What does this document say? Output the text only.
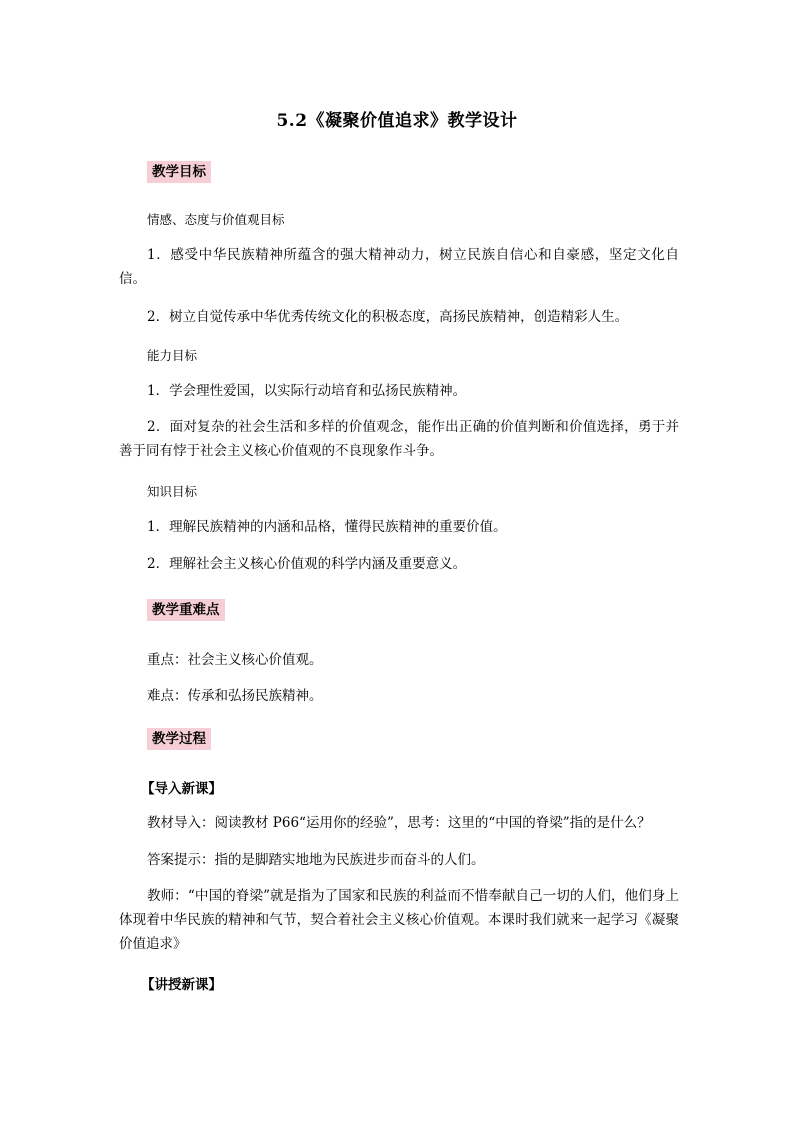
5.2《凝聚价值追求》教学设计
教学目标
情感、态度与价值观目标
1．感受中华民族精神所蕴含的强大精神动力，树立民族自信心和自豪感，坚定文化自信。
2．树立自觉传承中华优秀传统文化的积极态度，高扬民族精神，创造精彩人生。
能力目标
1．学会理性爱国，以实际行动培育和弘扬民族精神。
2．面对复杂的社会生活和多样的价值观念，能作出正确的价值判断和价值选择，勇于并善于同有悖于社会主义核心价值观的不良现象作斗争。
知识目标
1．理解民族精神的内涵和品格，懂得民族精神的重要价值。
2．理解社会主义核心价值观的科学内涵及重要意义。
教学重难点
重点：社会主义核心价值观。
难点：传承和弘扬民族精神。
教学过程
【导入新课】
教材导入：阅读教材 P66“运用你的经验”，思考：这里的“中国的脊梁”指的是什么？
答案提示：指的是脚踏实地地为民族进步而奋斗的人们。
教师：“中国的脊梁”就是指为了国家和民族的利益而不惜奉献自己一切的人们，他们身上体现着中华民族的精神和气节，契合着社会主义核心价值观。本课时我们就来一起学习《凝聚价值追求》
【讲授新课】
